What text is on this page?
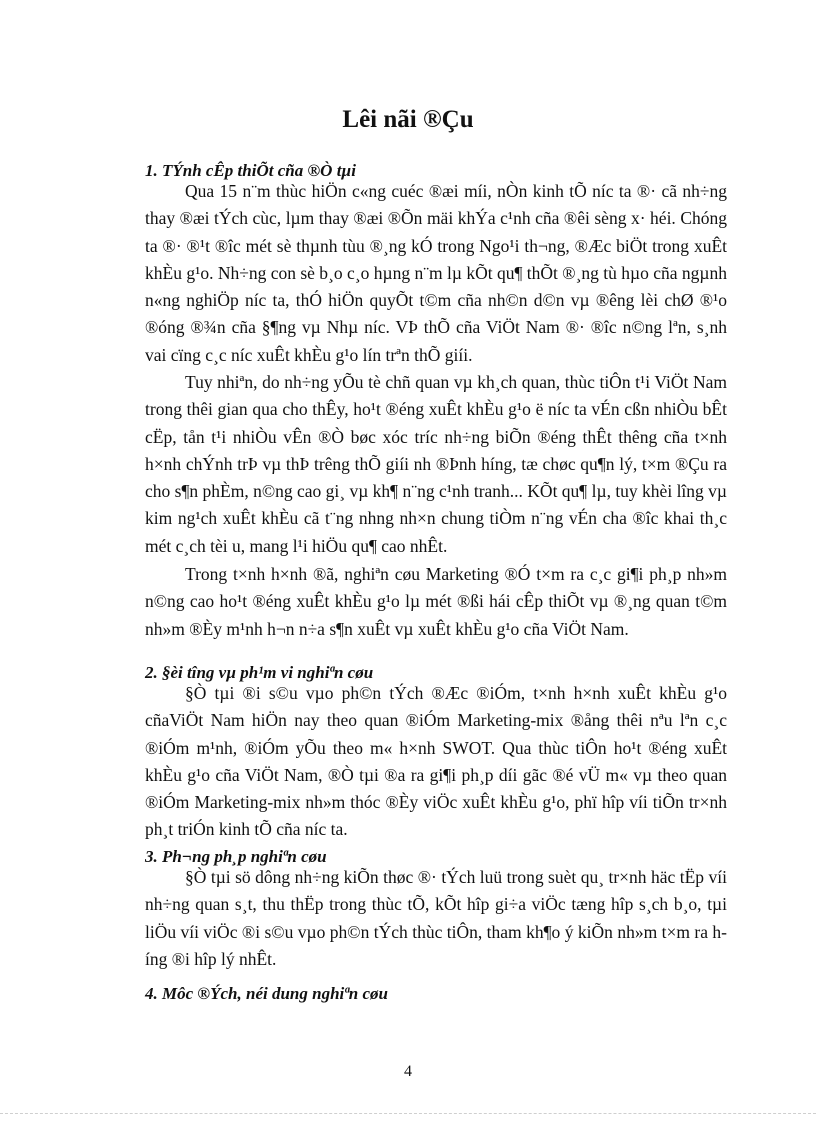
Lêi nãi ®Çu
1. TÝnh cÊp thiÕt cña ®Ò tµi

Qua 15 n¨m thùc hiÖn c«ng cuéc ®æi míi, nÒn kinh tÕ níc ta ®· cã nh÷ng thay ®æi tÝch cùc, lµm thay ®æi ®Õn mäi khÝa c¹nh cña ®êi sèng x· héi. Chóng ta ®· ®¹t ®îc mét sè thµnh tùu ®¸ng kÓ trong Ngo¹i th¬ng, ®Æc biÖt trong xuÊt khÈu g¹o. Nh÷ng con sè b¸o c¸o hµng n¨m lµ kÕt qu¶ thÕt ®¸ng tù hµo cña ngµnh n«ng nghiÖp níc ta, thÓ hiÖn quyÕt t©m cña nh©n d©n vµ ®êng lèi chØ ®¹o ®óng ®¾n cña §¶ng vµ Nhµ níc. VÞ thÕ cña ViÖt Nam ®· ®îc n©ng lªn, s¸nh vai cïng c¸c níc xuÊt khÈu g¹o lín trªn thÕ giíi.

Tuy nhiªn, do nh÷ng yÕu tè chñ quan vµ kh¸ch quan, thùc tiÔn t¹i ViÖt Nam trong thêi gian qua cho thÊy, ho¹t ®éng xuÊt khÈu g¹o ë níc ta vÉn cßn nhiÒu bÊt cËp, tån t¹i nhiÒu vÊn ®Ò bøc xóc tríc nh÷ng biÕn ®éng thÊt thêng cña t×nh h×nh chÝnh trÞ vµ thÞ trêng thÕ giíi nh ®Þnh híng, tæ chøc qu¶n lý, t×m ®Çu ra cho s¶n phÈm, n©ng cao gi¸ vµ kh¶ n¨ng c¹nh tranh... KÕt qu¶ lµ, tuy khèi lîng vµ kim ng¹ch xuÊt khÈu cã t¨ng nhng nh×n chung tiÒm n¨ng vÉn cha ®îc khai th¸c mét c¸ch tèi u, mang l¹i hiÖu qu¶ cao nhÊt.

Trong t×nh h×nh ®ã, nghiªn cøu Marketing ®Ó t×m ra c¸c gi¶i ph¸p nh»m n©ng cao ho¹t ®éng xuÊt khÈu g¹o lµ mét ®ßi hái cÊp thiÕt vµ ®¸ng quan t©m nh»m ®Èy m¹nh h¬n n÷a s¶n xuÊt vµ xuÊt khÈu g¹o cña ViÖt Nam.

2. §èi tîng vµ ph¹m vi nghiªn cøu

§Ò tµi ®i s©u vµo ph©n tÝch ®Æc ®iÓm, t×nh h×nh xuÊt khÈu g¹o cñaViÖt Nam hiÖn nay theo quan ®iÓm Marketing-mix ®ång thêi nªu lªn c¸c ®iÓm m¹nh, ®iÓm yÕu theo m« h×nh SWOT. Qua thùc tiÔn ho¹t ®éng xuÊt khÈu g¹o cña ViÖt Nam, ®Ò tµi ®a ra gi¶i ph¸p díi gãc ®é vÜ m« vµ theo quan ®iÓm Marketing-mix nh»m thóc ®Èy viÖc xuÊt khÈu g¹o, phï hîp víi tiÕn tr×nh ph¸t triÓn kinh tÕ cña níc ta.

3. Ph¬ng ph¸p nghiªn cøu

§Ò tµi sö dông nh÷ng kiÕn thøc ®· tÝch luü trong suèt qu¸ tr×nh häc tËp víi nh÷ng quan s¸t, thu thËp trong thùc tÕ, kÕt hîp gi÷a viÖc tæng hîp s¸ch b¸o, tµi liÖu víi viÖc ®i s©u vµo ph©n tÝch thùc tiÔn, tham kh¶o ý kiÕn nh»m t×m ra híng ®i hîp lý nhÊt.

4. Môc ®Ých, néi dung nghiªn cøu
4
